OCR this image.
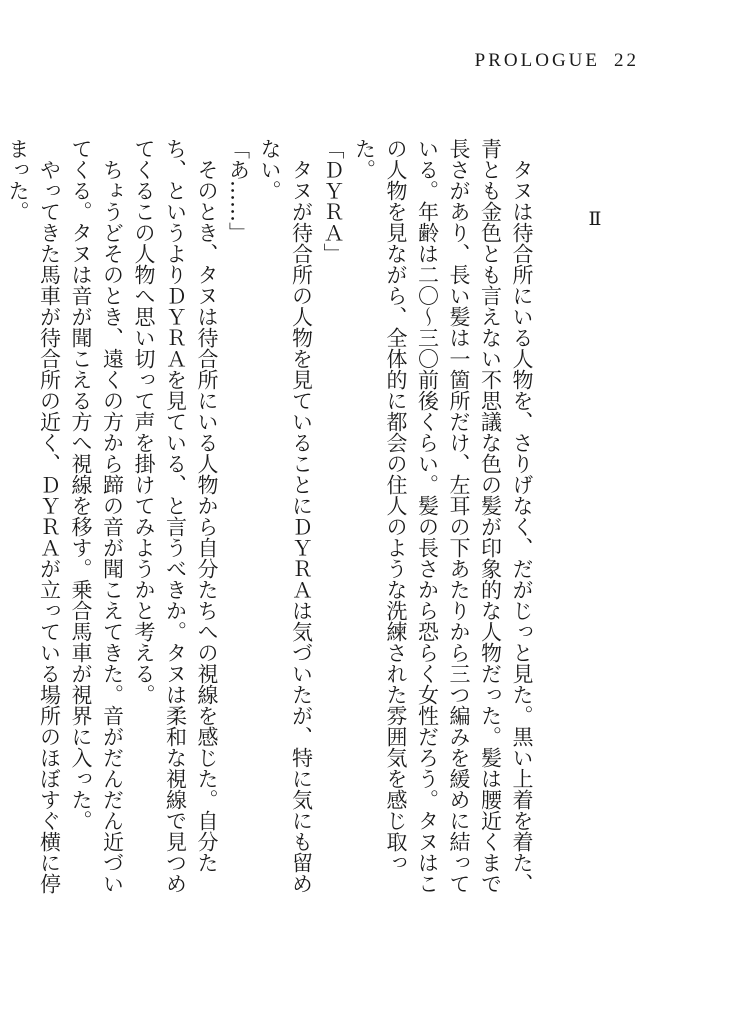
PROLOGUE 22
Ⅱ

タヌは待合所にいる人物を、さりげなく、だがじっと見た。黒い上着を着た、青とも金色とも言えない不思議な色の髪が印象的な人物だった。髪は腰近くまで長さがあり、長い髪は一箇所だけ、左耳の下あたりから三つ編みを緩めに結っている。年齢は二〇～三〇前後くらい。髪の長さから恐らく女性だろう。タヌはこの人物を見ながら、全体的に都会の住人のような洗練された雰囲気を感じ取った。

「ＤＹＲＡ」

タヌが待合所の人物を見ていることにＤＹＲＡは気づいたが、特に気にも留めない。

「あ……」

そのとき、タヌは待合所にいる人物から自分たちへの視線を感じた。自分たち、というよりＤＹＲＡを見ている、と言うべきか。タヌは柔和な視線で見つめてくるこの人物へ思い切って声を掛けてみようかと考える。

ちょうどそのとき、遠くの方から蹄の音が聞こえてきた。音がだんだん近づいてくる。タヌは音が聞こえる方へ視線を移す。乗合馬車が視界に入った。

やってきた馬車が待合所の近く、ＤＹＲＡが立っている場所のほぼすぐ横に停まった。
